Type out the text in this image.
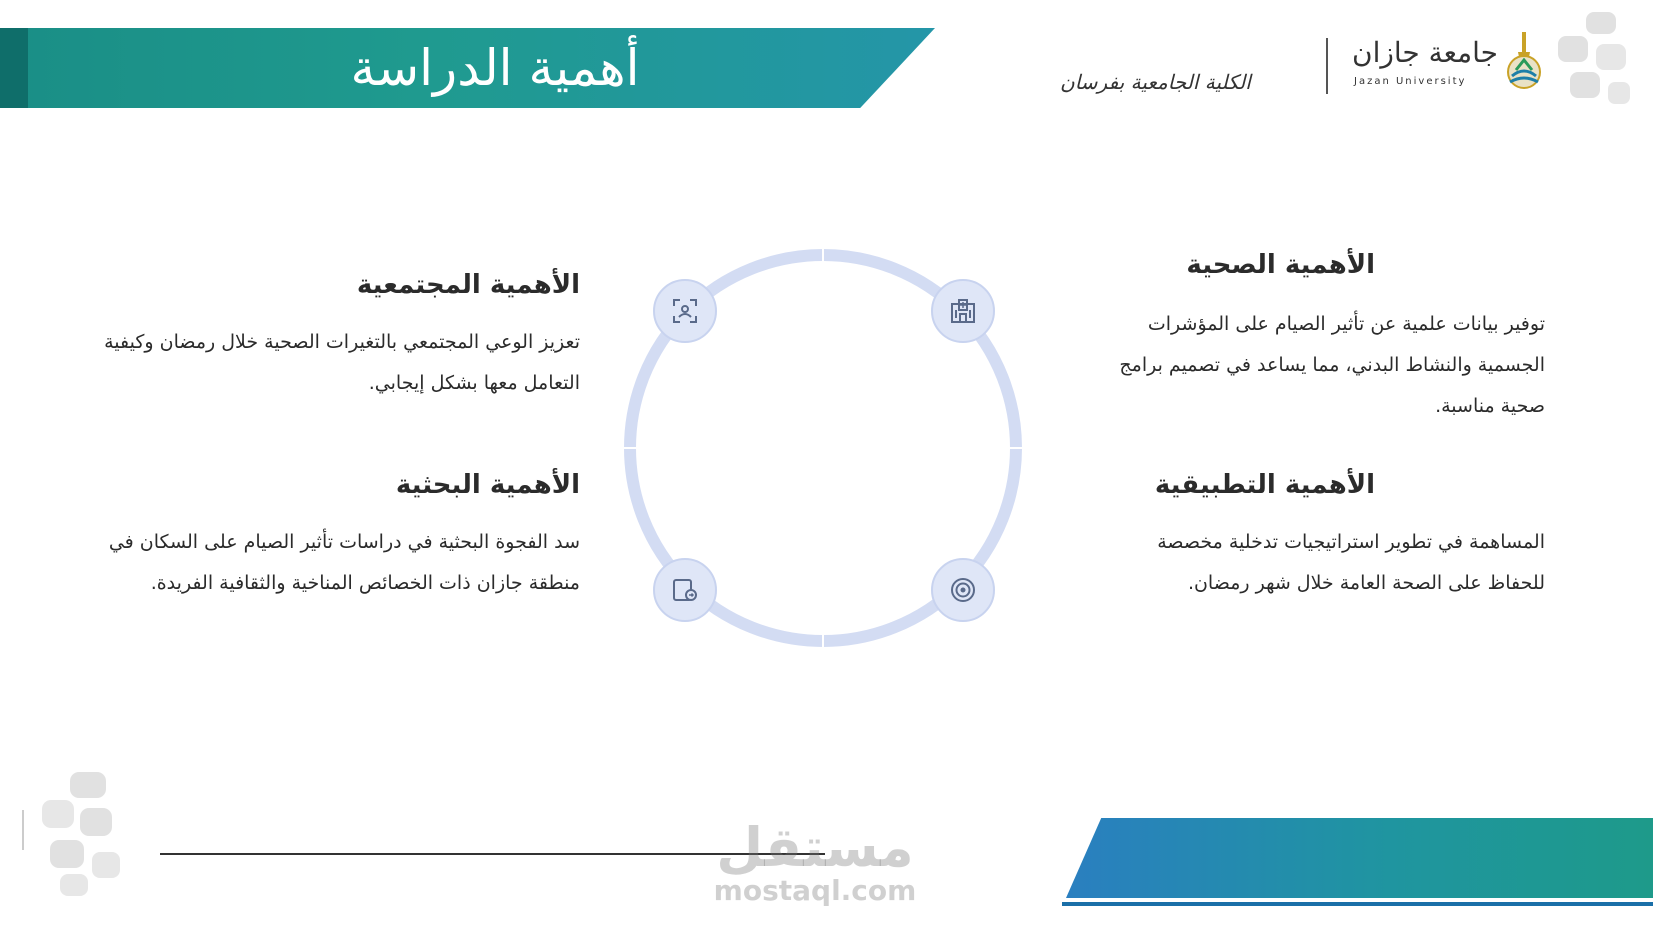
أهمية الدراسة	الكلية الجامعية بفرسان
جامعة جازان
Jazan University
الأهمية الصحية

توفير بيانات علمية عن تأثير الصيام على المؤشرات الجسمية والنشاط البدني، مما يساعد في تصميم برامج صحية مناسبة.

الأهمية التطبيقية

المساهمة في تطوير استراتيجيات تدخلية مخصصة للحفاظ على الصحة العامة خلال شهر رمضان.

الأهمية المجتمعية

تعزيز الوعي المجتمعي بالتغيرات الصحية خلال رمضان وكيفية التعامل معها بشكل إيجابي.

الأهمية البحثية

سد الفجوة البحثية في دراسات تأثير الصيام على السكان في منطقة جازان ذات الخصائص المناخية والثقافية الفريدة.

مستقل
mostaql.com
